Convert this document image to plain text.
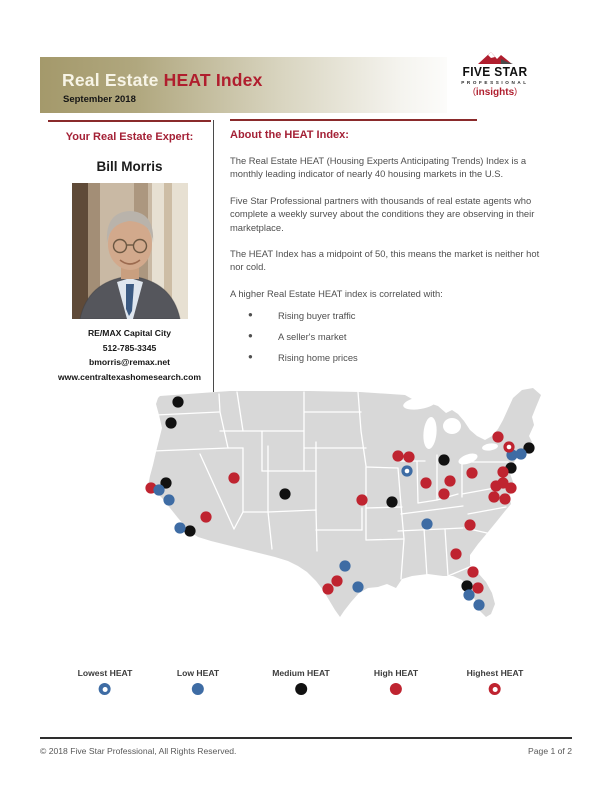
Real Estate HEAT Index
September 2018
FIVE STAR
PROFESSIONAL
(insights)
Your Real Estate Expert:
Bill Morris
RE/MAX Capital City
512-785-3345
bmorris@remax.net
www.centraltexashomesearch.com
About the HEAT Index:

The Real Estate HEAT (Housing Experts Anticipating Trends) Index is a monthly leading indicator of nearly 40 housing markets in the U.S.

Five Star Professional partners with thousands of real estate agents who complete a weekly survey about the conditions they are observing in their marketplace.

The HEAT Index has a midpoint of 50, this means the market is neither hot nor cold.

A higher Real Estate HEAT index is correlated with:

●	Rising buyer traffic
●	A seller's market
●	Rising home prices
Lowest HEAT	Low HEAT	Medium HEAT	High HEAT	Highest HEAT
© 2018 Five Star Professional, All Rights Reserved.	Page 1 of 2
